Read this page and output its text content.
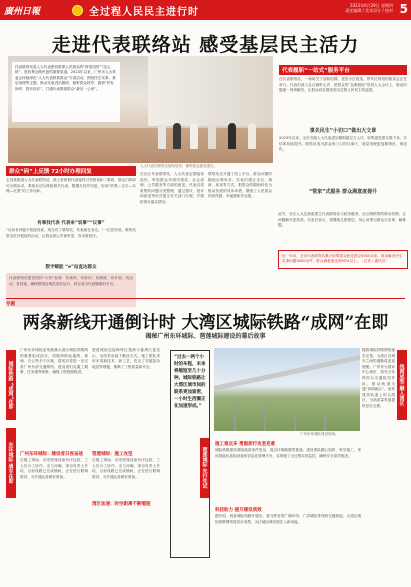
廣州日報	全过程人民民主进行时
2023年6月29日 星期四
责任编辑 / 美术设计 / 校对 5
走进代表联络站 感受基层民主活力

代表联络站是人大代表密切联系人民群众的“桥梁纽带”“连心桥”，是收集反映民意的重要渠道。2023年以来，广州市人大常委会持续深化“人大代表联系群众”专项活动，围绕民生实事、基层治理等主题，推动代表进站履职，倾听群众呼声，做到“民有所呼、我有所应”，打通代表联系群众“最后一公里”。

人大代表在联络站接待居民，倾听群众意见建议。
代表履职“一站式”服务平台
在代表联络站，一场场关于加装电梯、老旧小区改造、停车位规划的座谈会正在举行。代表们深入社区倾听心声，把群众的“急难愁盼”带到人大会议上，推动问题逐一得到解决，让群众切实感受到全过程人民民主的温度。
事关民生“小切口”做出大文章
2023年以来，全市各级人大代表进站履职超过万人次，收集意见建议数千条，办结率持续提升。联络站成为群众家门口的议事厅，基层治理更加精细化、规范化。
“管家”式服务 群众满意度提升
群众“码”上反馈 72小时办理回复
走进某街道人大代表联络站，墙上张贴着代表接待日安排表和二维码，群众扫码即可反映诉求，系统自动分派给相关代表，限期办结并回复，形成“收集—交办—办理—反馈”的工作闭环。
有事找代表 代表来“说事”“议事”
“以前有问题不知道找谁，现在有了联络站，代表就在身边。”一位居民说。联络站常态化开展接待活动，让群众的心声被听见、诉求被回应。
数字赋能 “e”站直达群众
代表联络站建设坚持“六有”标准：有场所、有标识、有制度、有计划、有活动、有档案，确保联络站规范高效运行，真正成为代表履职的平台。
在社区代表联络站，人大代表定期接待选民，听取群众对城市建设、社会治理、公共服务等方面的意见。代表们将收集的问题分类整理，通过建议、批评和意见等形式提交有关部门办理，并跟踪督办落实情况。
联络站还开通了线上平台，群众可随时随地反映诉求。代表们通过走访、调研、座谈等方式，把群众的期盼转化为推动发展的具体举措，增强了人民群众的获得感、幸福感和安全感。
此外，各区人大还探索建立代表联络站与政务服务、社区网格等的联动机制，让问题解决更高效。代表们表示，将继续扎根基层，用心用情为群众办实事、解难题。
近一年来，全市代表联络站累计收集群众意见建议5000余条，推动解决民生实事问题3000余件，群众满意度达到95%以上。（记者 / 通讯员）
专题
两条新线开通倒计时 大湾区城际铁路“成网”在即
揭秘广州东环城际、琶莲城际建设的幕后故事
城际铁路 “成网”在即
东环城际 通车在即	琶莲城际 先行先试
线网成型 融入湾区
广州东环城际是粤港澳大湾区城际铁路网的重要组成部分，线路串联起番禺、黄埔、白云等多个区域，建成后将进一步完善广州东部交通网络。建设者们克服工期紧、任务重等困难，确保工程按期推进。
广州东环城际：建设者日夜奋战
在施工现场，各类机械设备有序运转，工人们分工协作，全力冲刺。项目负责人介绍，目前线路已完成铺轨，正在进行联调联试，为开通运营做好准备。
琶莲城际连接海珠区琶洲与番禺区莲花山，全线采用地下敷设方式。施工团队采用多项新技术、新工艺，攻克了穿越复杂地层等难题，保障了工程质量和安全。
琶莲城际：施工攻坚
在施工现场，各类机械设备有序运转，工人们分工协作，全力冲刺。项目负责人介绍，目前线路已完成铺轨，正在进行联调联试，为开通运营做好准备。
湾区加速：时空距离不断缩短
“过去一两个小时的车程，未来将缩短至几十分钟。城际铁路让大湾区城市间的联系更加紧密，一小时生活圈正在加速形成。”
广州东环城际建设现场。
随着城际铁路网络逐步完善，大湾区各城市之间的通勤将更加便捷。广州作为国家中心城市，将充分发挥综合交通枢纽作用，推动轨道交通“四网融合”，加快建设轨道上的大湾区，为高质量发展提供坚实支撑。
施工难点多 勇毅前行攻坚克难
城际铁路建设面临地质条件复杂、周边环境敏感等挑战。建设团队精心组织、科学施工，采用智能化盾构设备和信息化管理平台，实现施工全过程实时监控，确保安全高效推进。
科技助力 提升建设质效
据介绍，两条城际线路开通后，将与既有的广佛环线、广清城际等线路无缝衔接，大湾区城际铁路网络将初步成型，为区域协调发展注入新动能。
